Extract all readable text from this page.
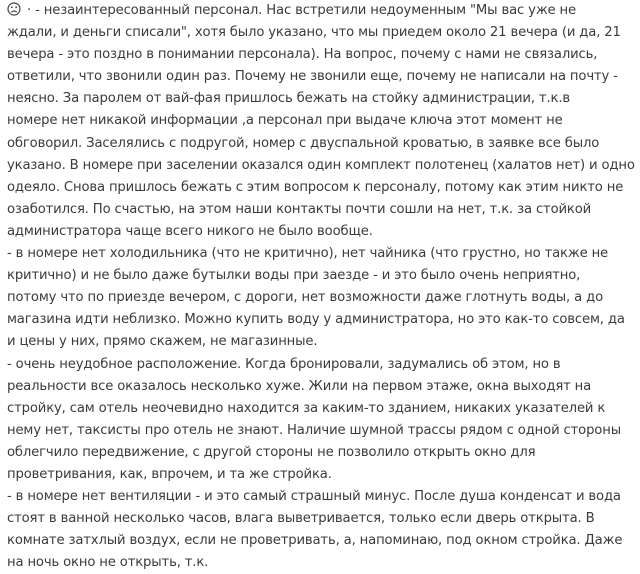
· - незаинтересованный персонал. Нас встретили недоуменным "Мы вас уже не
ждали, и деньги списали", хотя было указано, что мы приедем около 21 вечера (и да, 21
вечера - это поздно в понимании персонала). На вопрос, почему с нами не связались,
ответили, что звонили один раз. Почему не звонили еще, почему не написали на почту -
неясно. За паролем от вай-фая пришлось бежать на стойку администрации, т.к.в
номере нет никакой информации ,а персонал при выдаче ключа этот момент не
обговорил. Заселялись с подругой, номер с двуспальной кроватью, в заявке все было
указано. В номере при заселении оказался один комплект полотенец (халатов нет) и одно
одеяло. Снова пришлось бежать с этим вопросом к персоналу, потому как этим никто не
озаботился. По счастью, на этом наши контакты почти сошли на нет, т.к. за стойкой
администратора чаще всего никого не было вообще.
- в номере нет холодильника (что не критично), нет чайника (что грустно, но также не
критично) и не было даже бутылки воды при заезде - и это было очень неприятно,
потому что по приезде вечером, с дороги, нет возможности даже глотнуть воды, а до
магазина идти неблизко. Можно купить воду у администратора, но это как-то совсем, да
и цены у них, прямо скажем, не магазинные.
- очень неудобное расположение. Когда бронировали, задумались об этом, но в
реальности все оказалось несколько хуже. Жили на первом этаже, окна выходят на
стройку, сам отель неочевидно находится за каким-то зданием, никаких указателей к
нему нет, таксисты про отель не знают. Наличие шумной трассы рядом с одной стороны
облегчило передвижение, с другой стороны не позволило открыть окно для
проветривания, как, впрочем, и та же стройка.
- в номере нет вентиляции - и это самый страшный минус. После душа конденсат и вода
стоят в ванной несколько часов, влага выветривается, только если дверь открыта. В
комнате затхлый воздух, если не проветривать, а, напоминаю, под окном стройка. Даже
на ночь окно не открыть, т.к.
